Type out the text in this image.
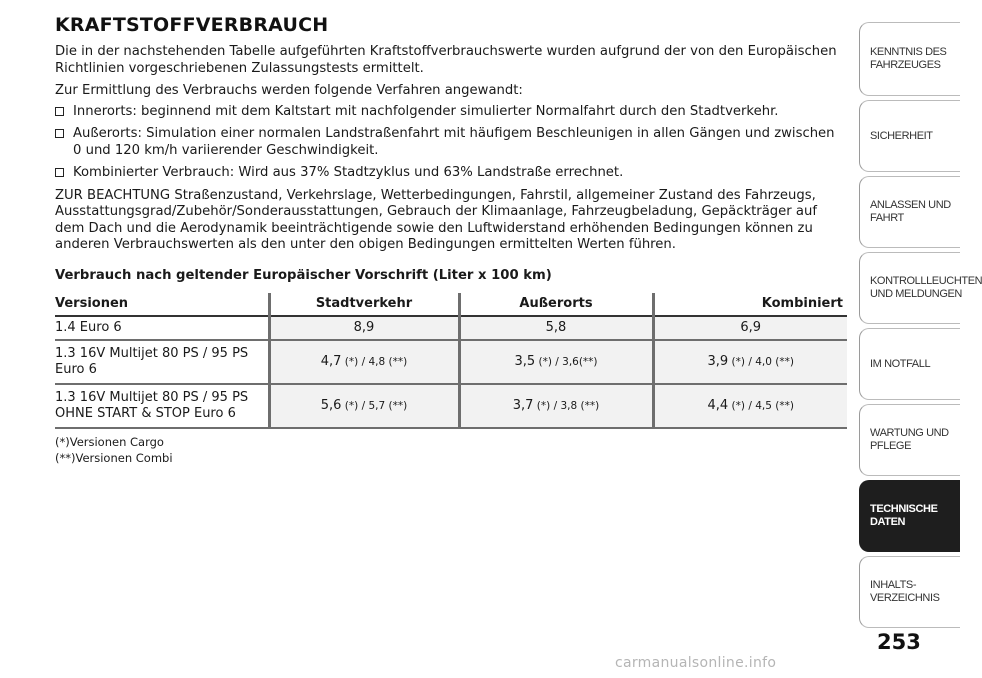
KRAFTSTOFFVERBRAUCH

Die in der nachstehenden Tabelle aufgeführten Kraftstoffverbrauchswerte wurden aufgrund der von den Europäischen Richtlinien vorgeschriebenen Zulassungstests ermittelt.

Zur Ermittlung des Verbrauchs werden folgende Verfahren angewandt:

Innerorts: beginnend mit dem Kaltstart mit nachfolgender simulierter Normalfahrt durch den Stadtverkehr.
Außerorts: Simulation einer normalen Landstraßenfahrt mit häufigem Beschleunigen in allen Gängen und zwischen 0 und 120 km/h variierender Geschwindigkeit.
Kombinierter Verbrauch: Wird aus 37% Stadtzyklus und 63% Landstraße errechnet.

ZUR BEACHTUNG Straßenzustand, Verkehrslage, Wetterbedingungen, Fahrstil, allgemeiner Zustand des Fahrzeugs, Ausstattungsgrad/Zubehör/Sonderausstattungen, Gebrauch der Klimaanlage, Fahrzeugbeladung, Gepäckträger auf dem Dach und die Aerodynamik beeinträchtigende sowie den Luftwiderstand erhöhenden Bedingungen können zu anderen Verbrauchswerten als den unter den obigen Bedingungen ermittelten Werten führen.

Verbrauch nach geltender Europäischer Vorschrift (Liter x 100 km)
Versionen	Stadtverkehr	Außerorts	Kombiniert
1.4 Euro 6	8,9	5,8	6,9
1.3 16V Multijet 80 PS / 95 PS Euro 6	4,7 (*) / 4,8 (**)	3,5 (*) / 3,6(**)	3,9 (*) / 4,0 (**)
1.3 16V Multijet 80 PS / 95 PS OHNE START & STOP Euro 6	5,6 (*) / 5,7 (**)	3,7 (*) / 3,8 (**)	4,4 (*) / 4,5 (**)
(*)Versionen Cargo
(**)Versionen Combi
KENNTNIS DES FAHRZEUGES
SICHERHEIT
ANLASSEN UND FAHRT
KONTROLLLEUCHTEN UND MELDUNGEN
IM NOTFALL
WARTUNG UND PFLEGE
TECHNISCHE DATEN
INHALTS-VERZEICHNIS
253
carmanualsonline.info
